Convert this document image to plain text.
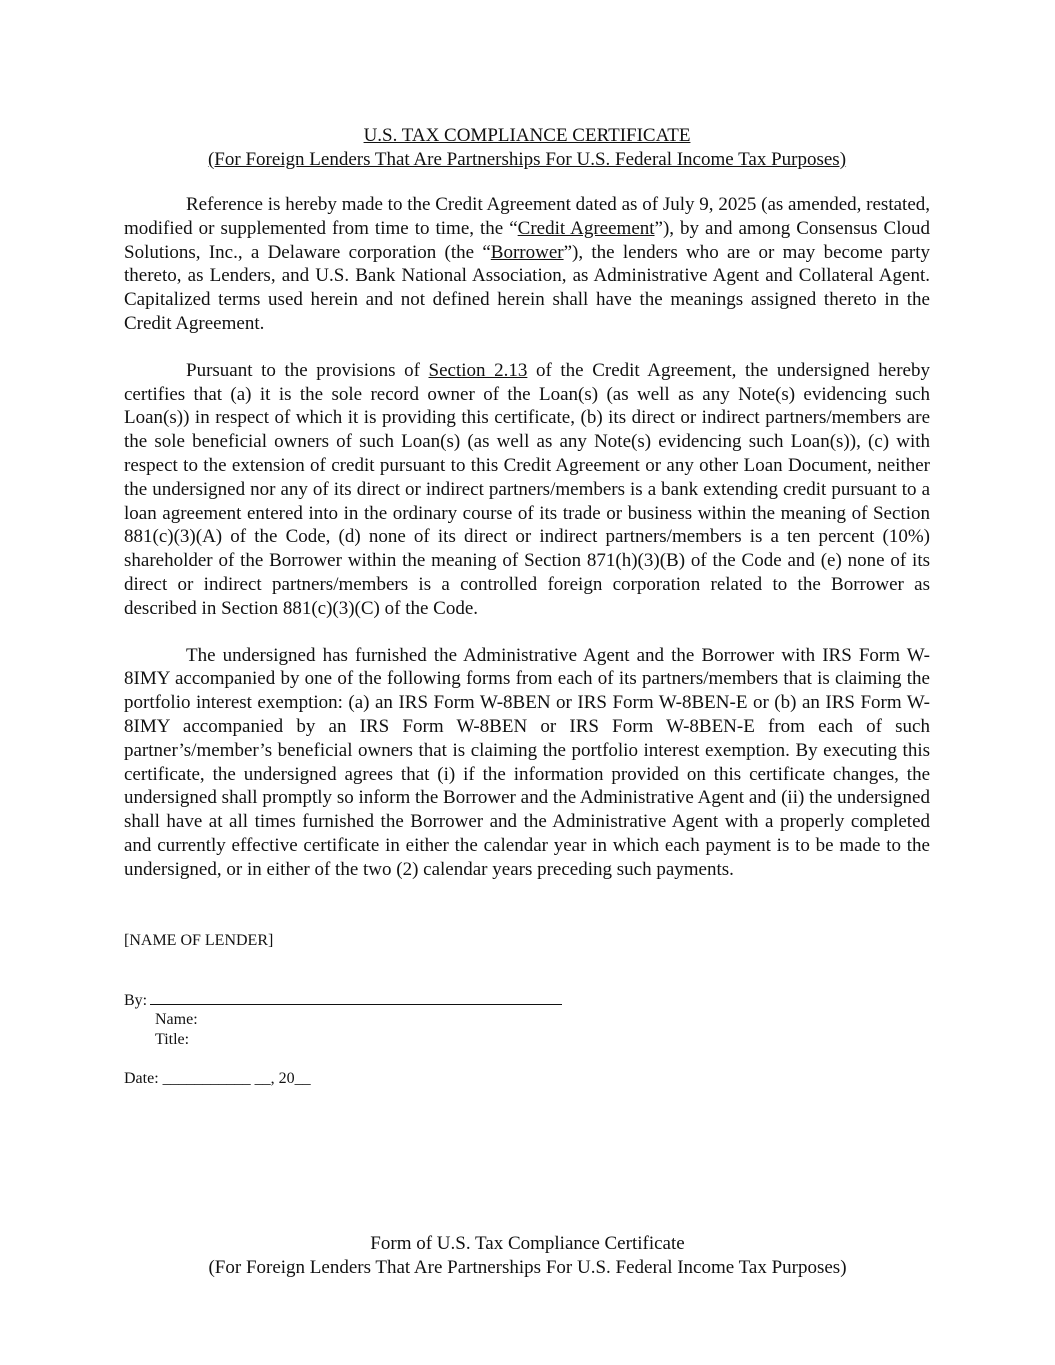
U.S. TAX COMPLIANCE CERTIFICATE
(For Foreign Lenders That Are Partnerships For U.S. Federal Income Tax Purposes)

Reference is hereby made to the Credit Agreement dated as of July 9, 2025 (as amended, restated, modified or supplemented from time to time, the “Credit Agreement”), by and among Consensus Cloud Solutions, Inc., a Delaware corporation (the “Borrower”), the lenders who are or may become party thereto, as Lenders, and U.S. Bank National Association, as Administrative Agent and Collateral Agent. Capitalized terms used herein and not defined herein shall have the meanings assigned thereto in the Credit Agreement.

Pursuant to the provisions of Section 2.13 of the Credit Agreement, the undersigned hereby certifies that (a) it is the sole record owner of the Loan(s) (as well as any Note(s) evidencing such Loan(s)) in respect of which it is providing this certificate, (b) its direct or indirect partners/members are the sole beneficial owners of such Loan(s) (as well as any Note(s) evidencing such Loan(s)), (c) with respect to the extension of credit pursuant to this Credit Agreement or any other Loan Document, neither the undersigned nor any of its direct or indirect partners/members is a bank extending credit pursuant to a loan agreement entered into in the ordinary course of its trade or business within the meaning of Section 881(c)(3)(A) of the Code, (d) none of its direct or indirect partners/members is a ten percent (10%) shareholder of the Borrower within the meaning of Section 871(h)(3)(B) of the Code and (e) none of its direct or indirect partners/members is a controlled foreign corporation related to the Borrower as described in Section 881(c)(3)(C) of the Code.

The undersigned has furnished the Administrative Agent and the Borrower with IRS Form W-8IMY accompanied by one of the following forms from each of its partners/members that is claiming the portfolio interest exemption: (a) an IRS Form W-8BEN or IRS Form W-8BEN-E or (b) an IRS Form W-8IMY accompanied by an IRS Form W-8BEN or IRS Form W-8BEN-E from each of such partner’s/member’s beneficial owners that is claiming the portfolio interest exemption. By executing this certificate, the undersigned agrees that (i) if the information provided on this certificate changes, the undersigned shall promptly so inform the Borrower and the Administrative Agent and (ii) the undersigned shall have at all times furnished the Borrower and the Administrative Agent with a properly completed and currently effective certificate in either the calendar year in which each payment is to be made to the undersigned, or in either of the two (2) calendar years preceding such payments.

[NAME OF LENDER]
By:
Name:
Title:
Date: ___________ __, 20__
Form of U.S. Tax Compliance Certificate
(For Foreign Lenders That Are Partnerships For U.S. Federal Income Tax Purposes)
